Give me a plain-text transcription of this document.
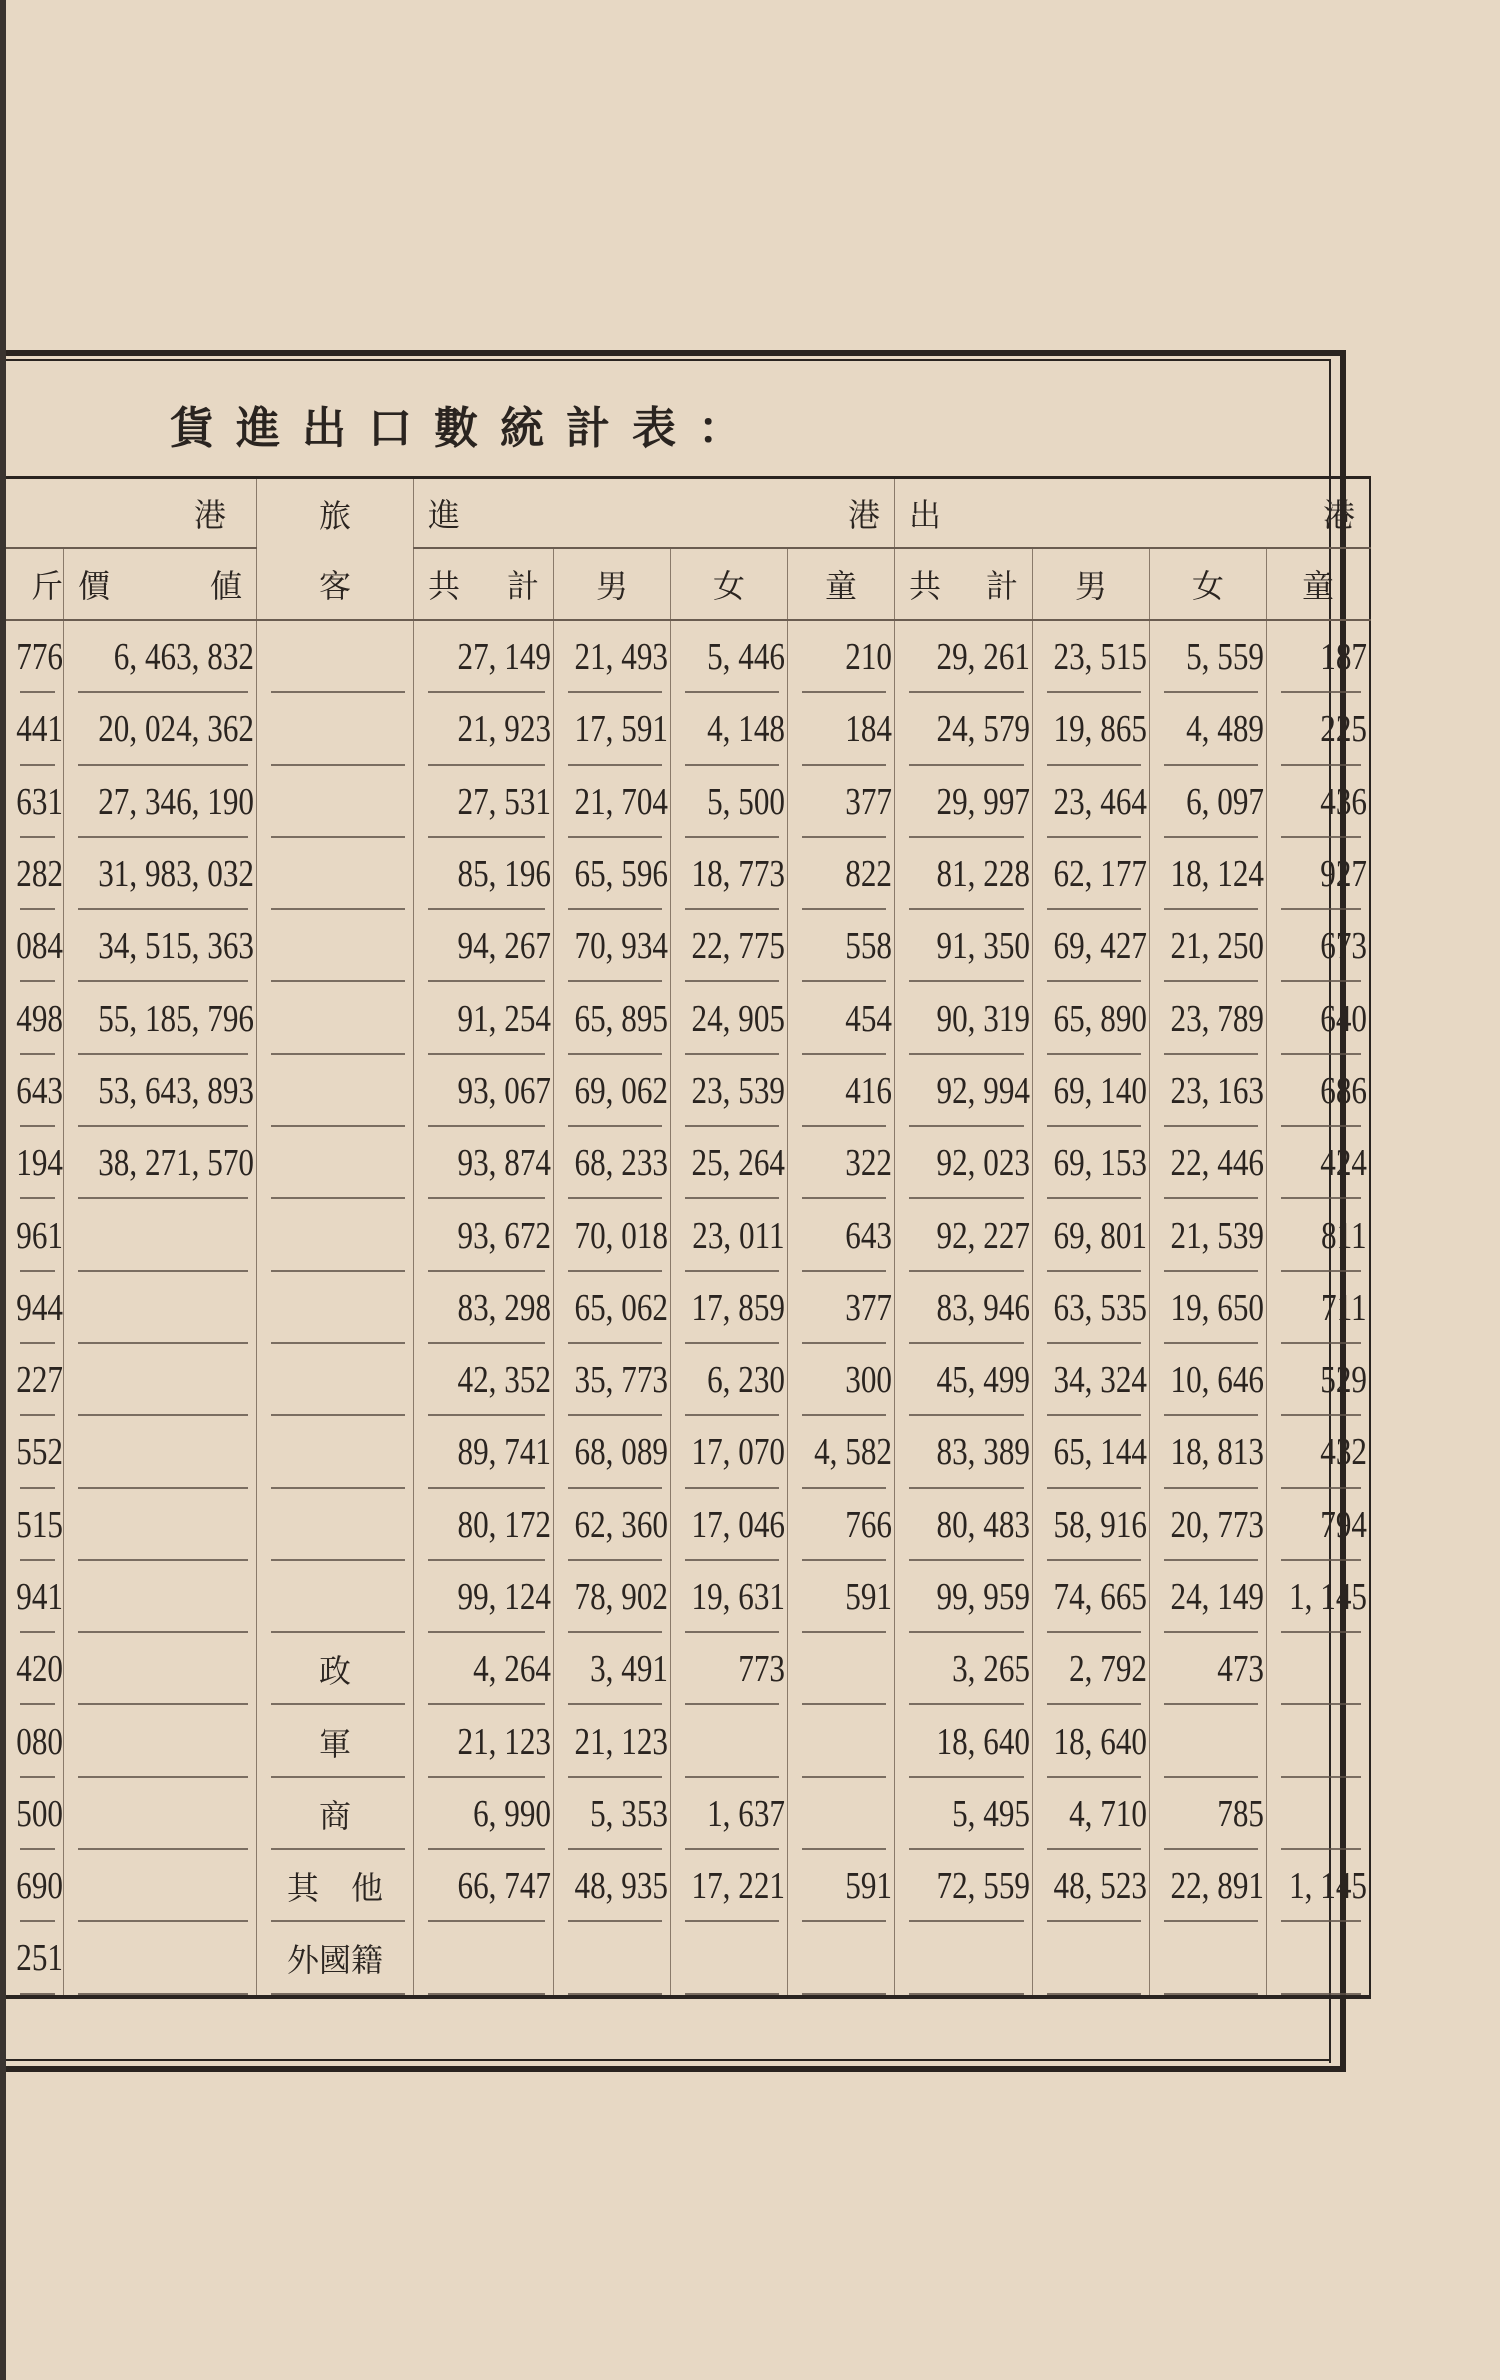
貨進出口數統計表：
港		旅	進 港				出 港			

斤	價 値	客	共 計	男	女	童	共 計	男	女	童
776	6, 463, 832		27, 149	21, 493	5, 446	210	29, 261	23, 515	5, 559	187
441	20, 024, 362		21, 923	17, 591	4, 148	184	24, 579	19, 865	4, 489	225
631	27, 346, 190		27, 531	21, 704	5, 500	377	29, 997	23, 464	6, 097	436
282	31, 983, 032		85, 196	65, 596	18, 773	822	81, 228	62, 177	18, 124	927
084	34, 515, 363		94, 267	70, 934	22, 775	558	91, 350	69, 427	21, 250	673
498	55, 185, 796		91, 254	65, 895	24, 905	454	90, 319	65, 890	23, 789	640
643	53, 643, 893		93, 067	69, 062	23, 539	416	92, 994	69, 140	23, 163	686
194	38, 271, 570		93, 874	68, 233	25, 264	322	92, 023	69, 153	22, 446	424
961			93, 672	70, 018	23, 011	643	92, 227	69, 801	21, 539	811
944			83, 298	65, 062	17, 859	377	83, 946	63, 535	19, 650	711
227			42, 352	35, 773	6, 230	300	45, 499	34, 324	10, 646	529
552			89, 741	68, 089	17, 070	4, 582	83, 389	65, 144	18, 813	432
515			80, 172	62, 360	17, 046	766	80, 483	58, 916	20, 773	794
941			99, 124	78, 902	19, 631	591	99, 959	74, 665	24, 149	1, 145
420		政	4, 264	3, 491	773		3, 265	2, 792	473	
080		軍	21, 123	21, 123			18, 640	18, 640		
500		商	6, 990	5, 353	1, 637		5, 495	4, 710	785	
690		其　他	66, 747	48, 935	17, 221	591	72, 559	48, 523	22, 891	1, 145
251		外國籍								
